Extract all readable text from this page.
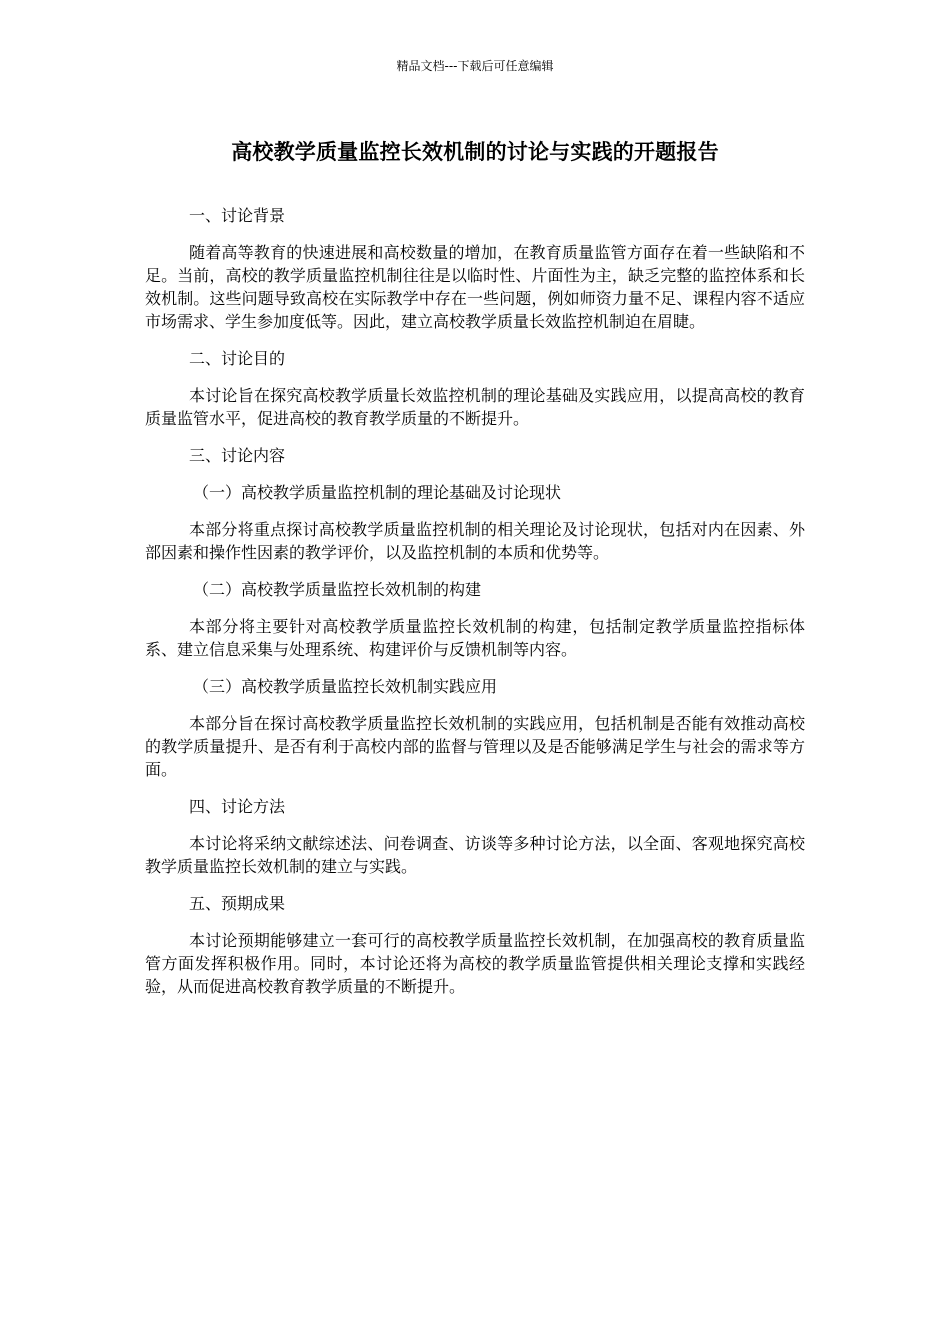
精品文档---下载后可任意编辑
高校教学质量监控长效机制的讨论与实践的开题报告
一、讨论背景
随着高等教育的快速进展和高校数量的增加，在教育质量监管方面存在着一些缺陷和不足。当前，高校的教学质量监控机制往往是以临时性、片面性为主，缺乏完整的监控体系和长效机制。这些问题导致高校在实际教学中存在一些问题，例如师资力量不足、课程内容不适应市场需求、学生参加度低等。因此，建立高校教学质量长效监控机制迫在眉睫。
二、讨论目的
本讨论旨在探究高校教学质量长效监控机制的理论基础及实践应用，以提高高校的教育质量监管水平，促进高校的教育教学质量的不断提升。
三、讨论内容
（一）高校教学质量监控机制的理论基础及讨论现状
本部分将重点探讨高校教学质量监控机制的相关理论及讨论现状，包括对内在因素、外部因素和操作性因素的教学评价，以及监控机制的本质和优势等。
（二）高校教学质量监控长效机制的构建
本部分将主要针对高校教学质量监控长效机制的构建，包括制定教学质量监控指标体系、建立信息采集与处理系统、构建评价与反馈机制等内容。
（三）高校教学质量监控长效机制实践应用
本部分旨在探讨高校教学质量监控长效机制的实践应用，包括机制是否能有效推动高校的教学质量提升、是否有利于高校内部的监督与管理以及是否能够满足学生与社会的需求等方面。
四、讨论方法
本讨论将采纳文献综述法、问卷调查、访谈等多种讨论方法，以全面、客观地探究高校教学质量监控长效机制的建立与实践。
五、预期成果
本讨论预期能够建立一套可行的高校教学质量监控长效机制，在加强高校的教育质量监管方面发挥积极作用。同时，本讨论还将为高校的教学质量监管提供相关理论支撑和实践经验，从而促进高校教育教学质量的不断提升。
